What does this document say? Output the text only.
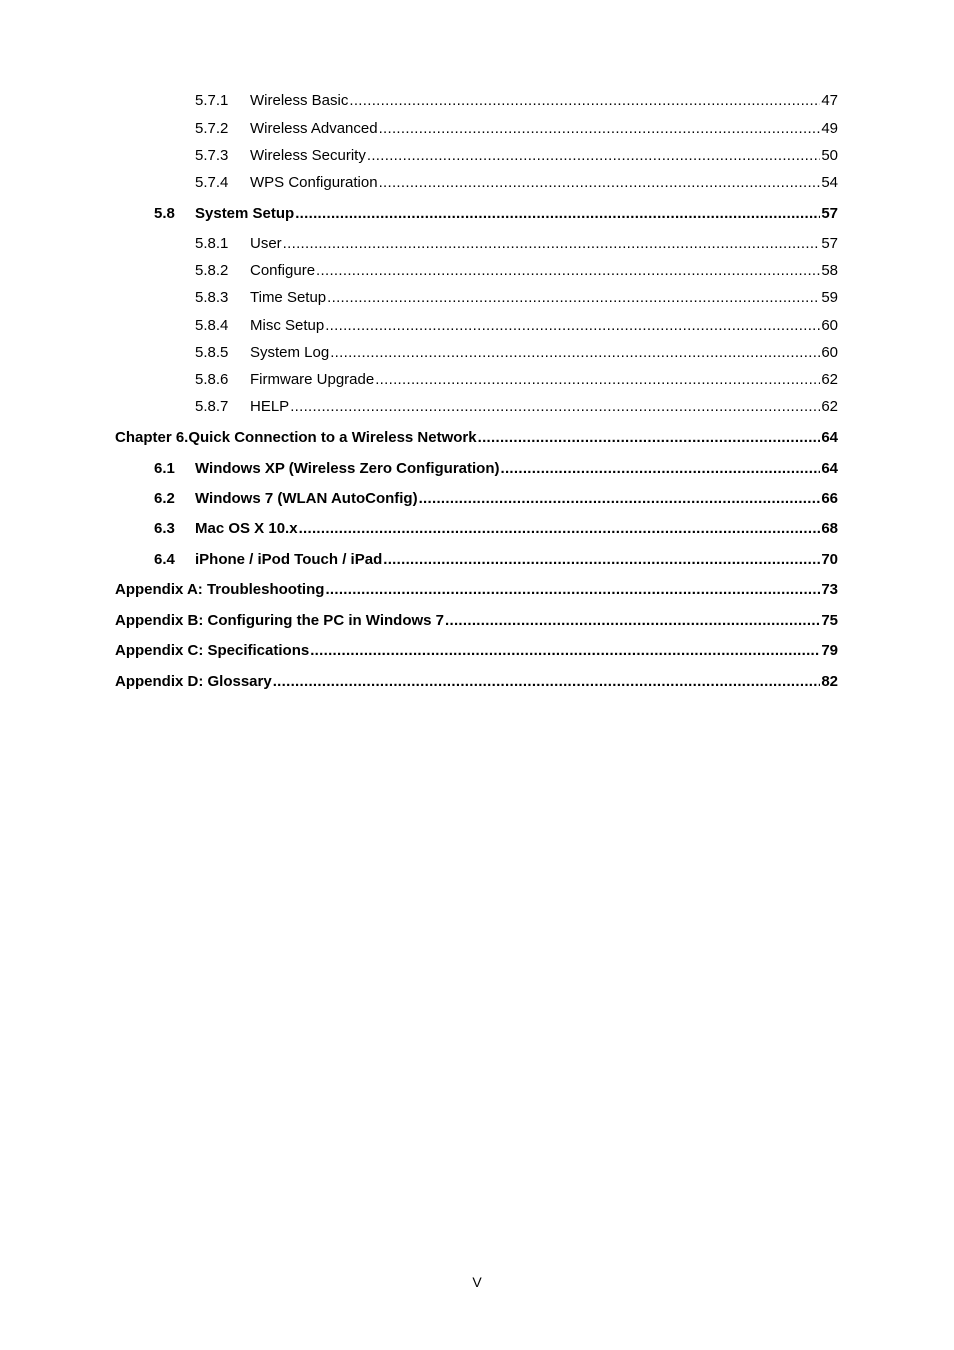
5.7.1	Wireless Basic .....	47
5.7.2	Wireless Advanced .....	49
5.7.3	Wireless Security .....	50
5.7.4	WPS Configuration .....	54
5.8	System Setup .....	57
5.8.1	User .....	57
5.8.2	Configure .....	58
5.8.3	Time Setup .....	59
5.8.4	Misc Setup .....	60
5.8.5	System Log .....	60
5.8.6	Firmware Upgrade .....	62
5.8.7	HELP .....	62
Chapter 6.Quick Connection to a Wireless Network .....	64
6.1	Windows XP (Wireless Zero Configuration) .....	64
6.2	Windows 7 (WLAN AutoConfig) .....	66
6.3	Mac OS X 10.x .....	68
6.4	iPhone / iPod Touch / iPad .....	70
Appendix A: Troubleshooting .....	73
Appendix B: Configuring the PC in Windows 7 .....	75
Appendix C: Specifications .....	79
Appendix D: Glossary .....	82
V
